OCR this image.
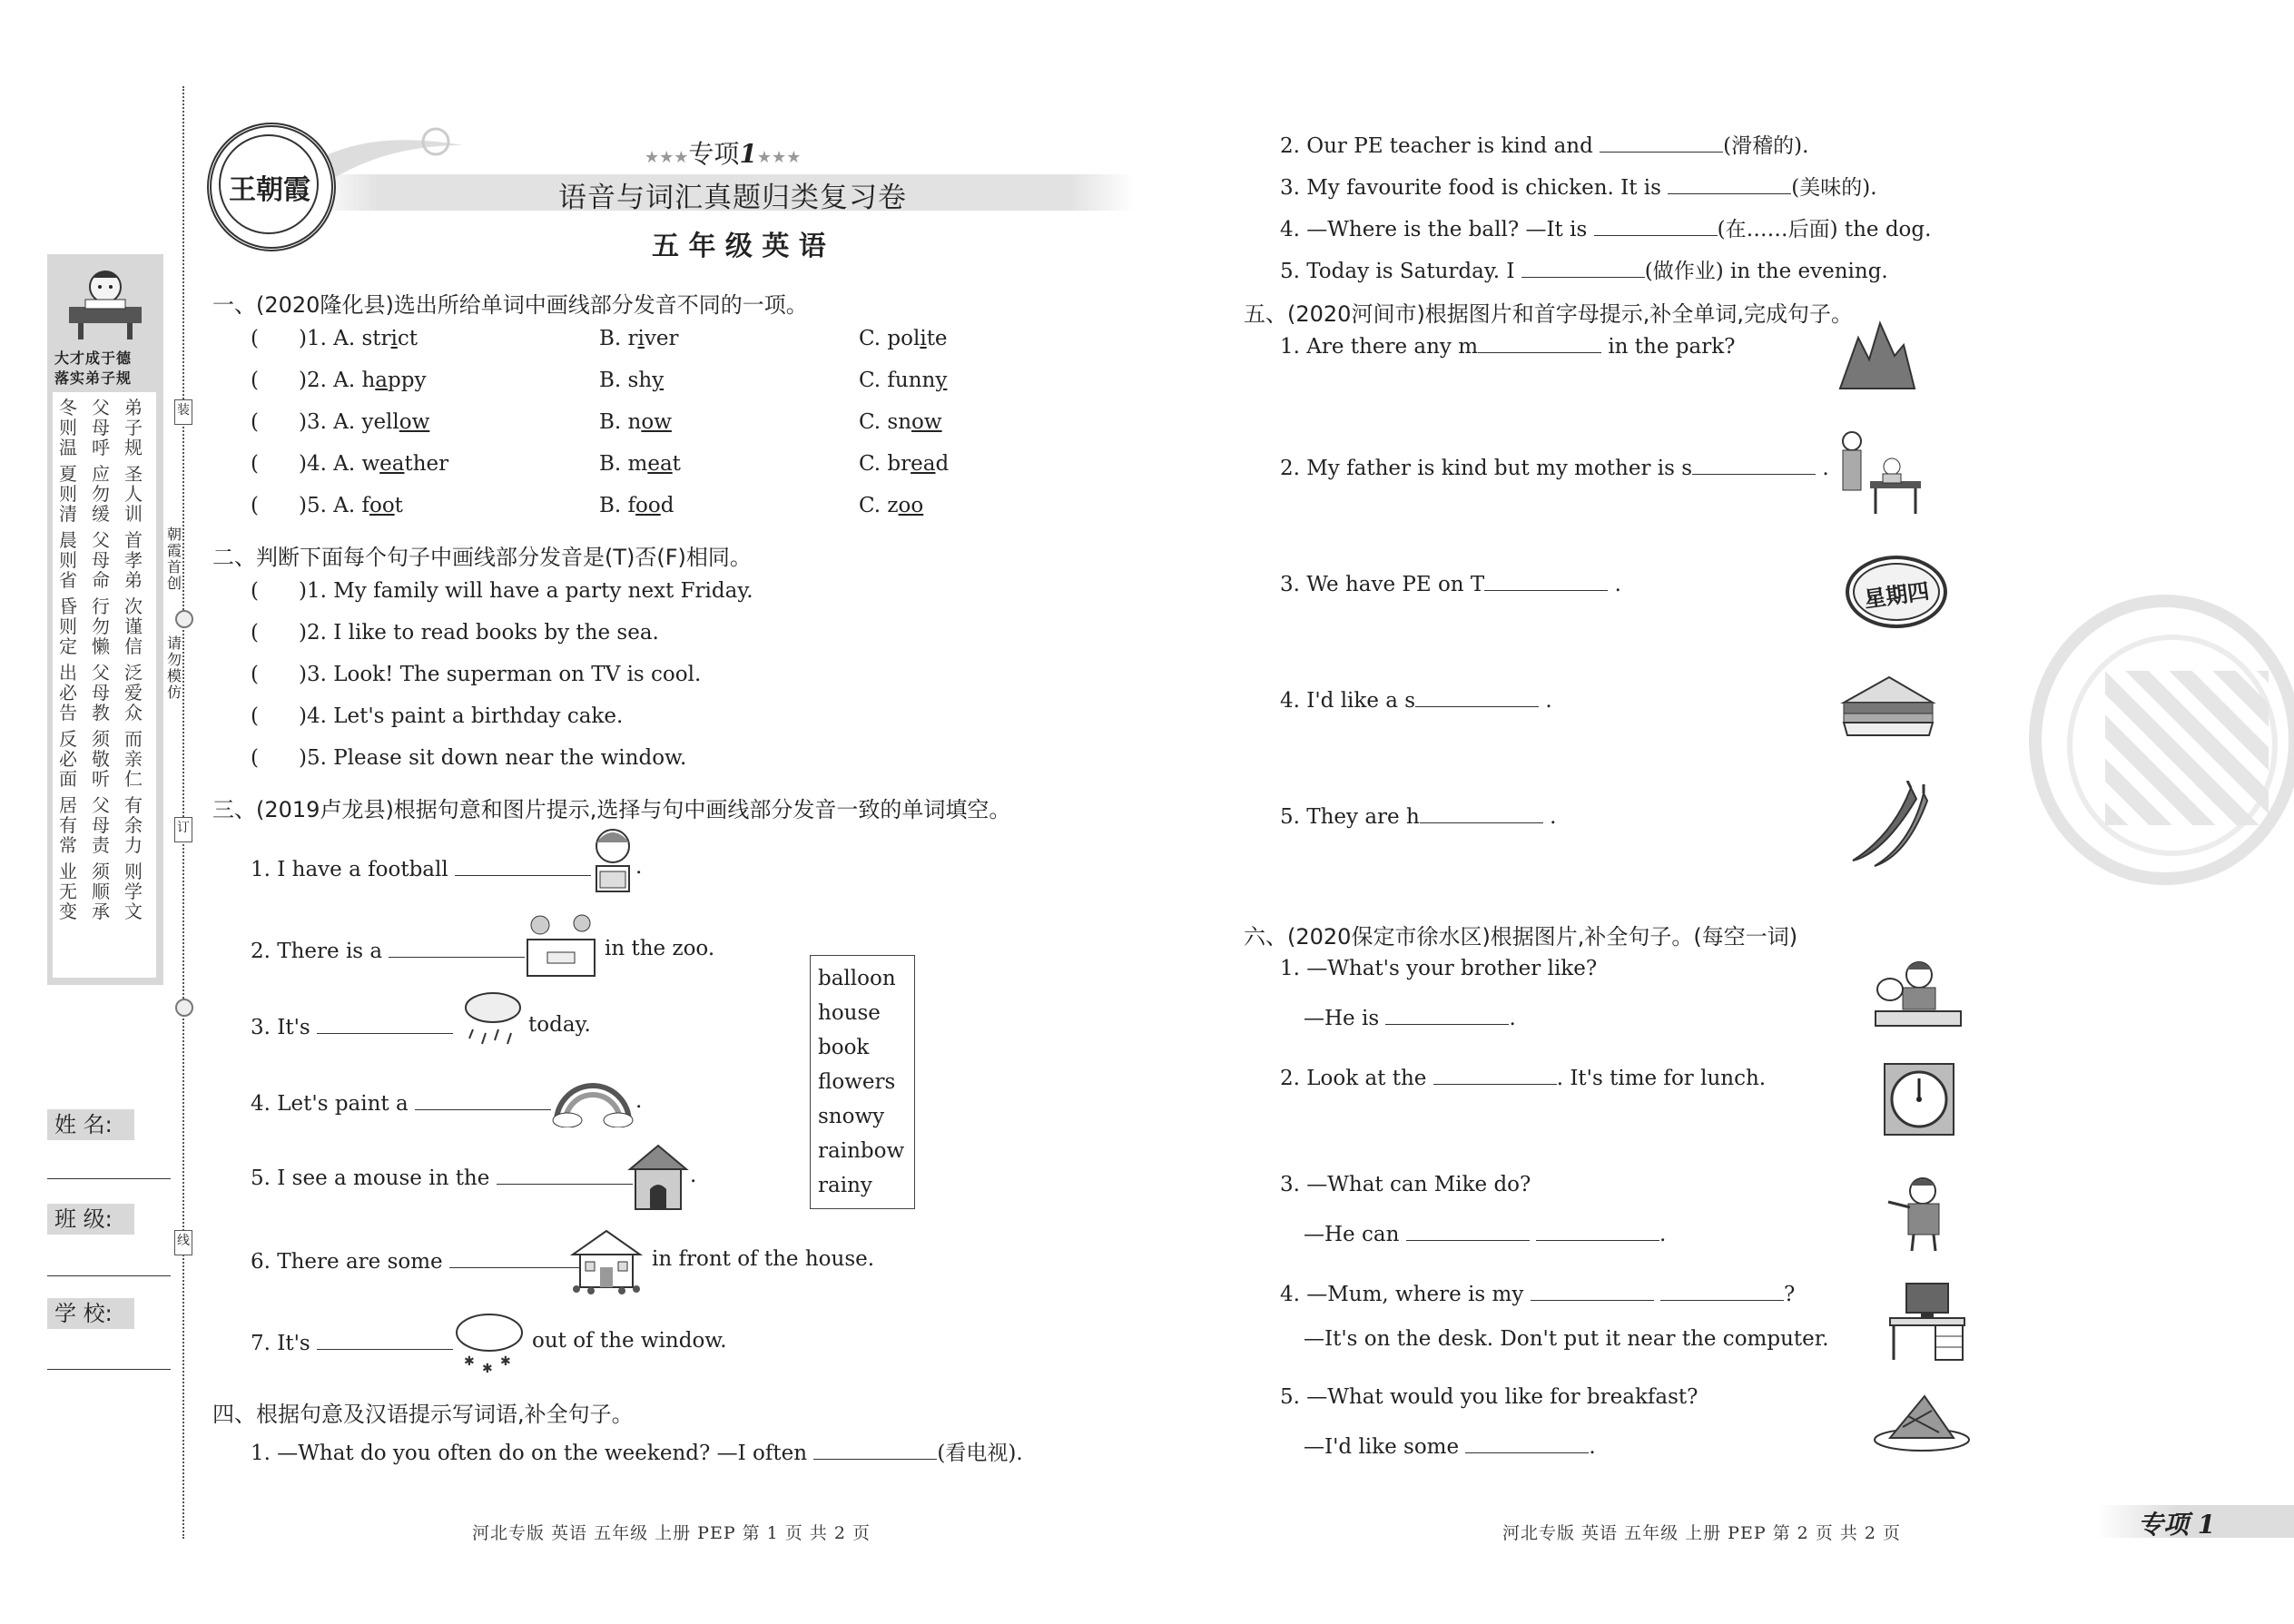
大才成于德
落实弟子规
冬
则
温
夏
则
清
晨
则
省
昏
则
定
出
必
告
反
必
面
居
有
常
业
无
变
父
母
呼
应
勿
缓
父
母
命
行
勿
懒
父
母
教
须
敬
听
父
母
责
须
顺
承
弟
子
规
圣
人
训
首
孝
弟
次
谨
信
泛
爱
众
而
亲
仁
有
余
力
则
学
文
朝
霞
首
创
请
勿
模
仿
装
订
线
姓 名:
班 级:
学 校:
王朝霞
★★★专项1★★★
语音与词汇真题归类复习卷
五 年 级 英 语
一、(2020隆化县)选出所给单词中画线部分发音不同的一项。
( )1. A. strict	B. river	C. polite
( )2. A. happy	B. shy	C. funny
( )3. A. yellow	B. now	C. snow
( )4. A. weather	B. meat	C. bread
( )5. A. foot	B. food	C. zoo
二、判断下面每个句子中画线部分发音是(T)否(F)相同。
( )1. My family will have a party next Friday.
( )2. I like to read books by the sea.
( )3. Look! The superman on TV is cool.
( )4. Let's paint a birthday cake.
( )5. Please sit down near the window.
三、(2019卢龙县)根据句意和图片提示,选择与句中画线部分发音一致的单词填空。
1. I have a football	.
2. There is a	in the zoo.
3. It's	today.
4. Let's paint a	.
5. I see a mouse in the	.
6. There are some	in front of the house.
7. It's	out of the window.
balloon
house
book
flowers
snowy
rainbow
rainy
✱ ✱ ✱
四、根据句意及汉语提示写词语,补全句子。
1. —What do you often do on the weekend? —I often	(看电视).
2. Our PE teacher is kind and	(滑稽的).
3. My favourite food is chicken. It is	(美味的).
4. —Where is the ball? —It is	(在……后面) the dog.
5. Today is Saturday. I	(做作业) in the evening.
五、(2020河间市)根据图片和首字母提示,补全单词,完成句子。
1. Are there any m	in the park?
2. My father is kind but my mother is s	.
3. We have PE on T	.
4. I'd like a s	.
5. They are h	.
星期四
六、(2020保定市徐水区)根据图片,补全句子。(每空一词)
1. —What's your brother like?
—He is	.
2. Look at the	. It's time for lunch.
3. —What can Mike do?
—He can	.
4. —Mum, where is my	?
—It's on the desk. Don't put it near the computer.
5. —What would you like for breakfast?
—I'd like some	.
河北专版 英语 五年级 上册 PEP 第 1 页 共 2 页	河北专版 英语 五年级 上册 PEP 第 2 页 共 2 页	专项 1
